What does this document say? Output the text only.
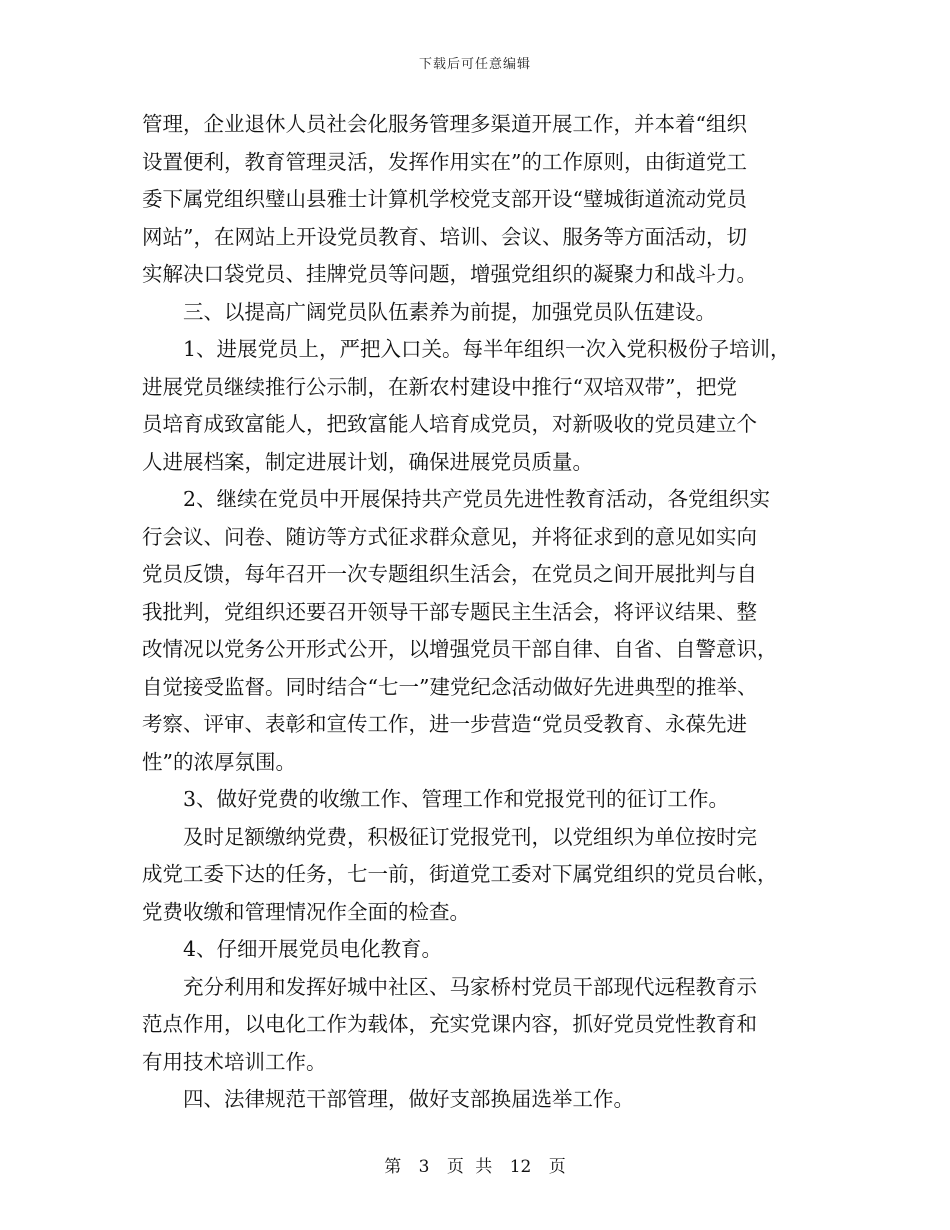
下载后可任意编辑
管理，企业退休人员社会化服务管理多渠道开展工作，并本着“组织
设置便利，教育管理灵活，发挥作用实在”的工作原则，由街道党工
委下属党组织璧山县雅士计算机学校党支部开设“璧城街道流动党员
网站”，在网站上开设党员教育、培训、会议、服务等方面活动，切
实解决口袋党员、挂牌党员等问题，增强党组织的凝聚力和战斗力。
三、以提高广阔党员队伍素养为前提，加强党员队伍建设。
1、进展党员上，严把入口关。每半年组织一次入党积极份子培训，
进展党员继续推行公示制，在新农村建设中推行“双培双带”，把党
员培育成致富能人，把致富能人培育成党员，对新吸收的党员建立个
人进展档案，制定进展计划，确保进展党员质量。
2、继续在党员中开展保持共产党员先进性教育活动，各党组织实
行会议、问卷、随访等方式征求群众意见，并将征求到的意见如实向
党员反馈，每年召开一次专题组织生活会，在党员之间开展批判与自
我批判，党组织还要召开领导干部专题民主生活会，将评议结果、整
改情况以党务公开形式公开，以增强党员干部自律、自省、自警意识，
自觉接受监督。同时结合“七一”建党纪念活动做好先进典型的推举、
考察、评审、表彰和宣传工作，进一步营造“党员受教育、永葆先进
性”的浓厚氛围。
3、做好党费的收缴工作、管理工作和党报党刊的征订工作。
及时足额缴纳党费，积极征订党报党刊，以党组织为单位按时完
成党工委下达的任务，七一前，街道党工委对下属党组织的党员台帐，
党费收缴和管理情况作全面的检查。
4、仔细开展党员电化教育。
充分利用和发挥好城中社区、马家桥村党员干部现代远程教育示
范点作用，以电化工作为载体，充实党课内容，抓好党员党性教育和
有用技术培训工作。
四、法律规范干部管理，做好支部换届选举工作。
第 3 页 共 12 页
